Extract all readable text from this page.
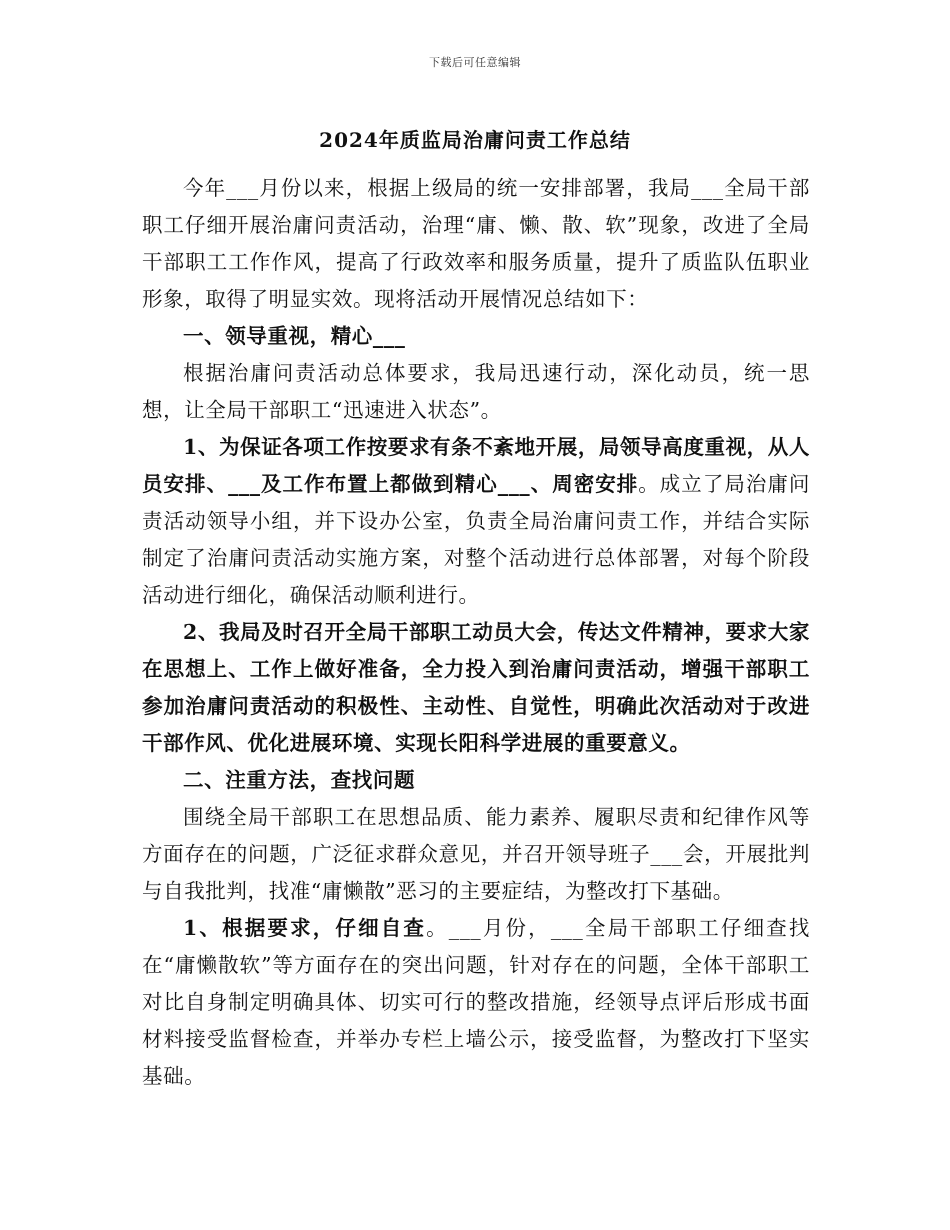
下载后可任意编辑
2024年质监局治庸问责工作总结

今年___月份以来，根据上级局的统一安排部署，我局___全局干部职工仔细开展治庸问责活动，治理“庸、懒、散、软”现象，改进了全局干部职工工作作风，提高了行政效率和服务质量，提升了质监队伍职业形象，取得了明显实效。现将活动开展情况总结如下：

一、领导重视，精心___

根据治庸问责活动总体要求，我局迅速行动，深化动员，统一思想，让全局干部职工“迅速进入状态”。

1、为保证各项工作按要求有条不紊地开展，局领导高度重视，从人员安排、___及工作布置上都做到精心___、周密安排。成立了局治庸问责活动领导小组，并下设办公室，负责全局治庸问责工作，并结合实际制定了治庸问责活动实施方案，对整个活动进行总体部署，对每个阶段活动进行细化，确保活动顺利进行。

2、我局及时召开全局干部职工动员大会，传达文件精神，要求大家在思想上、工作上做好准备，全力投入到治庸问责活动，增强干部职工参加治庸问责活动的积极性、主动性、自觉性，明确此次活动对于改进干部作风、优化进展环境、实现长阳科学进展的重要意义。

二、注重方法，查找问题

围绕全局干部职工在思想品质、能力素养、履职尽责和纪律作风等方面存在的问题，广泛征求群众意见，并召开领导班子___会，开展批判与自我批判，找准“庸懒散”恶习的主要症结，为整改打下基础。

1、根据要求，仔细自查。___月份，___全局干部职工仔细查找在“庸懒散软”等方面存在的突出问题，针对存在的问题，全体干部职工对比自身制定明确具体、切实可行的整改措施，经领导点评后形成书面材料接受监督检查，并举办专栏上墙公示，接受监督，为整改打下坚实基础。
